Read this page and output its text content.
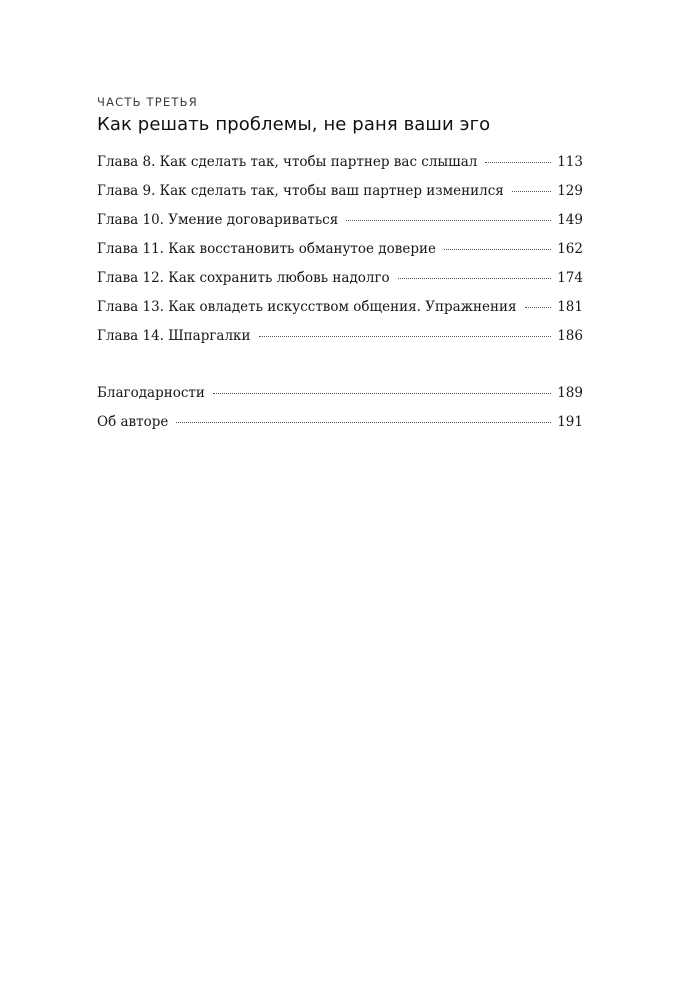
ЧАСТЬ ТРЕТЬЯ

Как решать проблемы, не раня ваши эго
Глава 8. Как сделать так, чтобы партнер вас слышал	113
Глава 9. Как сделать так, чтобы ваш партнер изменился	129
Глава 10. Умение договариваться	149
Глава 11. Как восстановить обманутое доверие	162
Глава 12. Как сохранить любовь надолго	174
Глава 13. Как овладеть искусством общения. Упражнения	181
Глава 14. Шпаргалки	186
Благодарности	189
Об авторе	191
